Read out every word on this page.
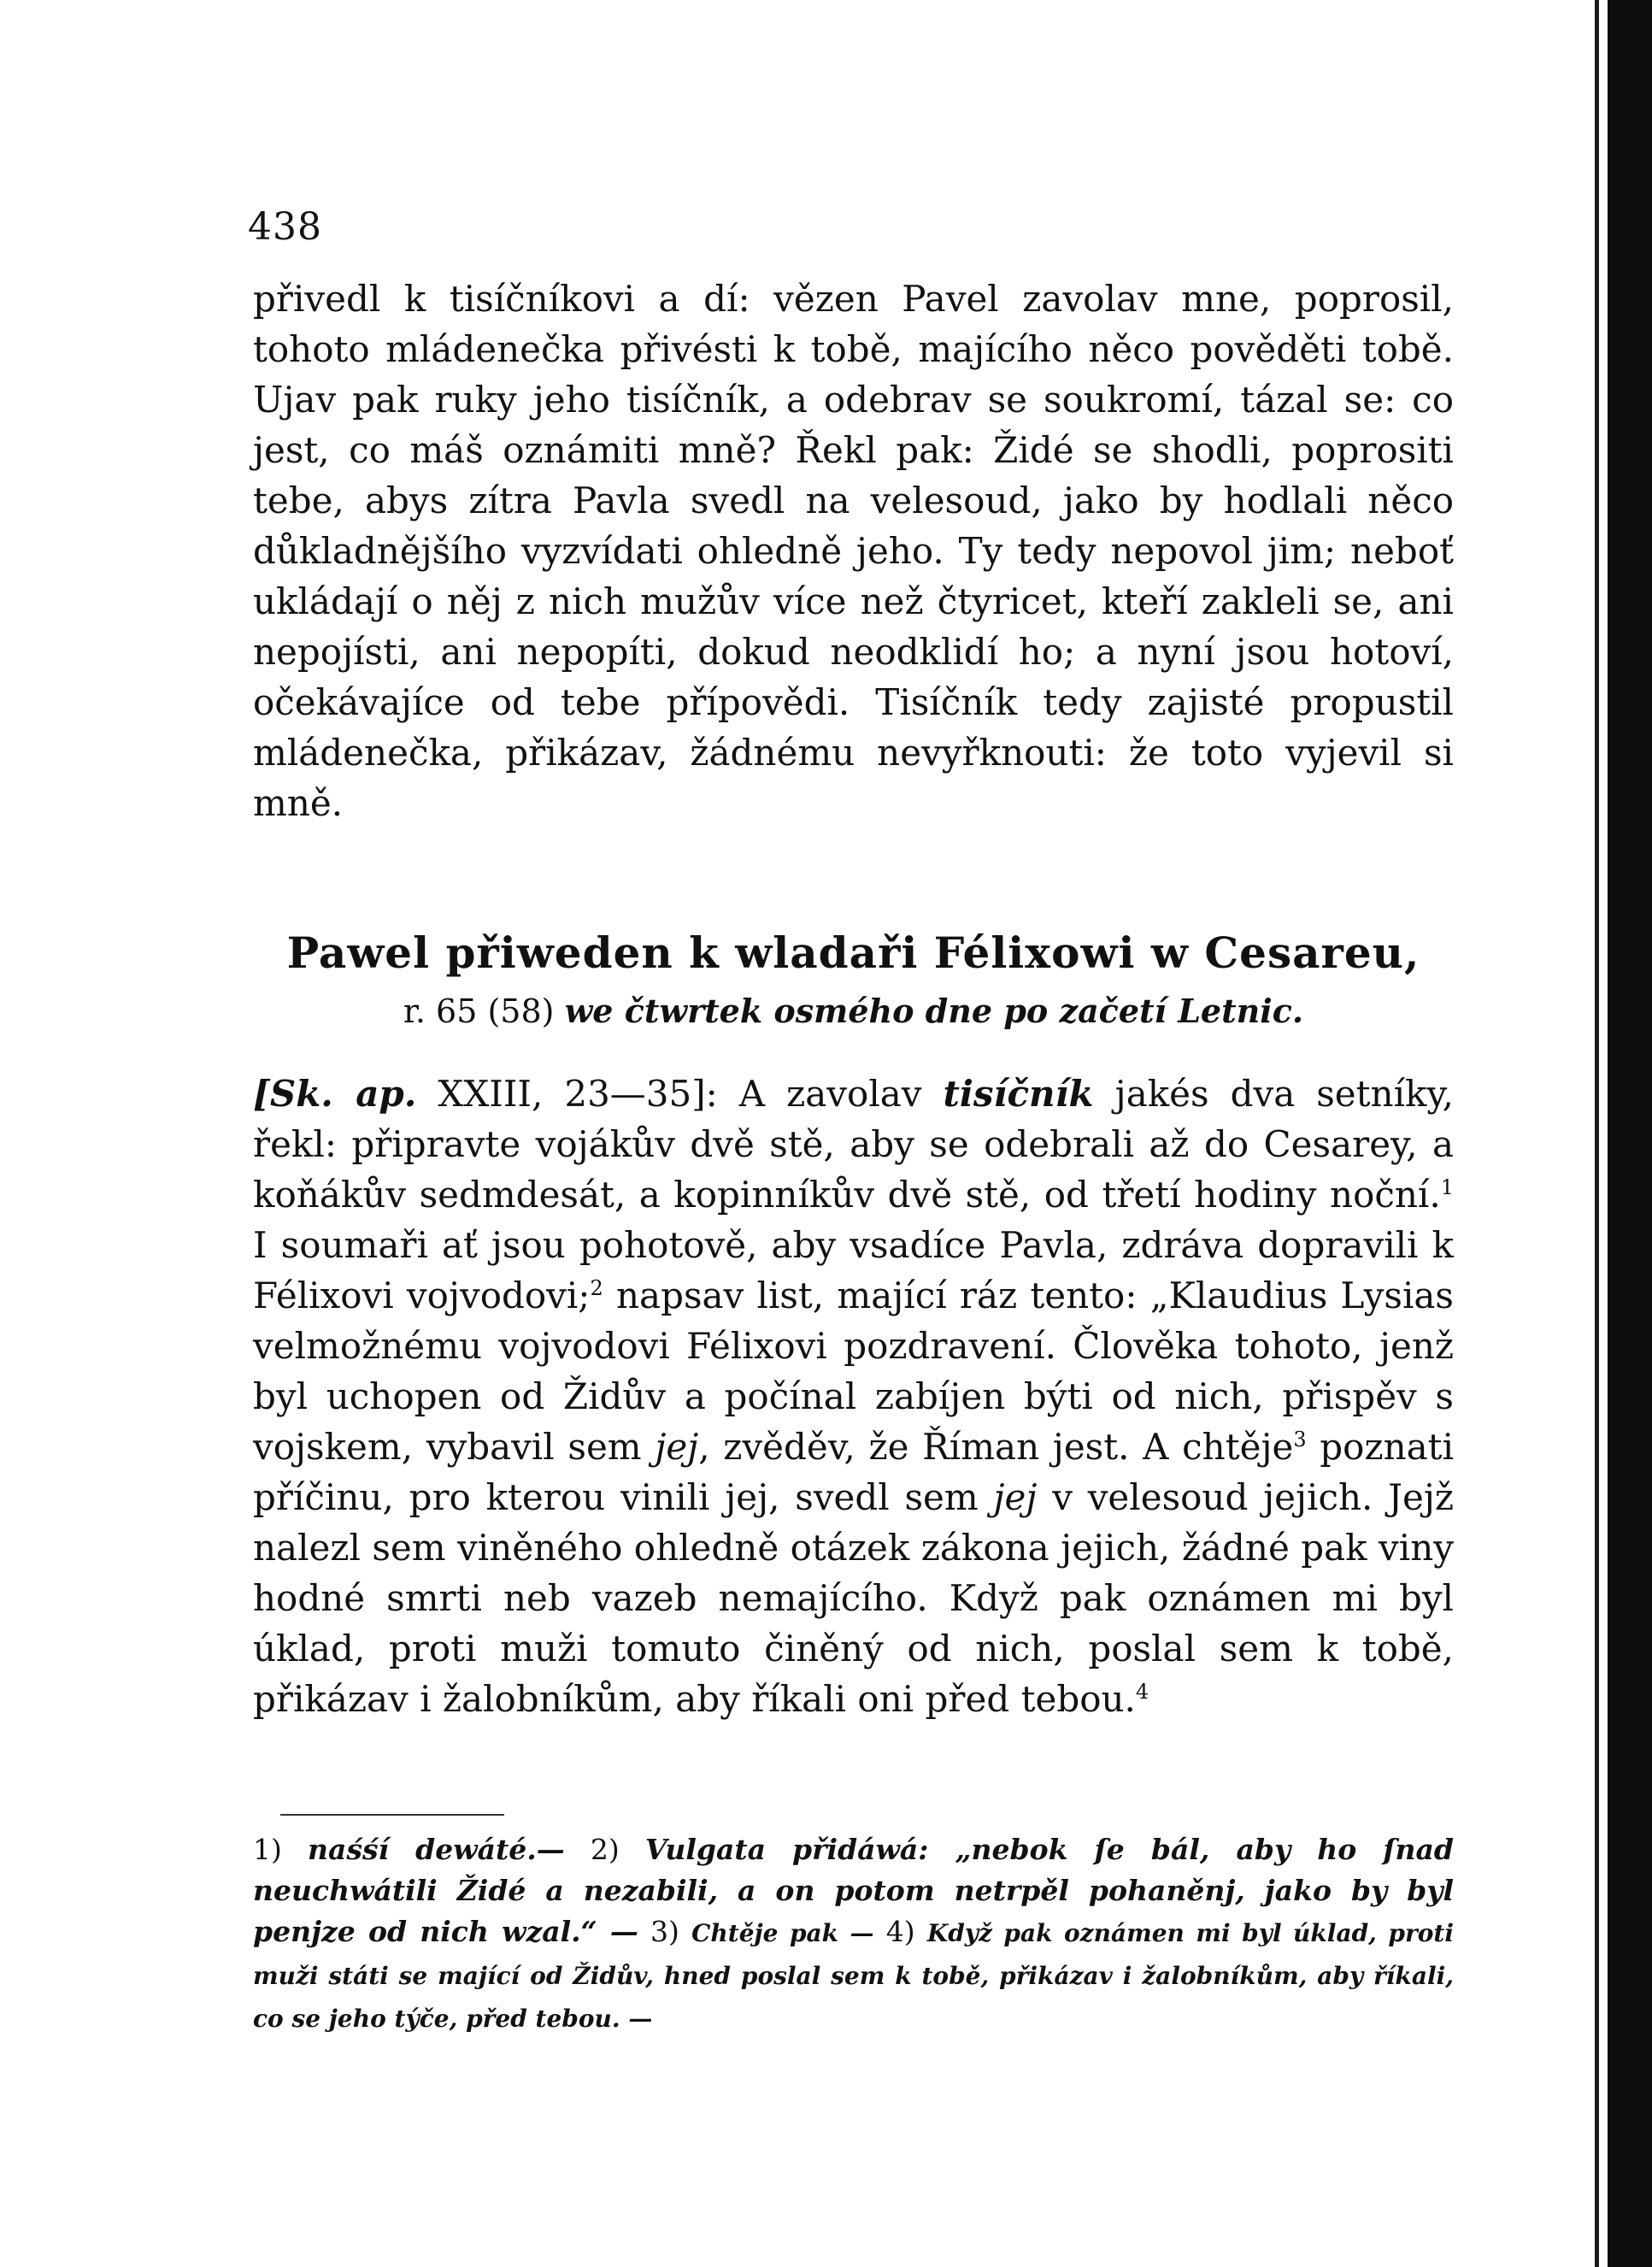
438

přivedl k tisíčníkovi a dí: vězen Pavel zavolav mne, poprosil, tohoto mládenečka přivésti k tobě, majícího něco pověděti tobě. Ujav pak ruky jeho tisíčník, a odebrav se soukromí, tázal se: co jest, co máš oznámiti mně? Řekl pak: Židé se shodli, poprositi tebe, abys zítra Pavla svedl na velesoud, jako by hodlali něco důkladnějšího vyzvídati ohledně jeho. Ty tedy nepovol jim; neboť ukládají o něj z nich mužův více než čtyricet, kteří zakleli se, ani nepojísti, ani nepopíti, dokud neodklidí ho; a nyní jsou hotoví, očekávajíce od tebe přípovědi. Tisíčník tedy zajisté propustil mládenečka, přikázav, žádnému nevyřknouti: že toto vyjevil si mně.

Pawel přiweden k wladaři Félixowi w Cesareu,
r. 65 (58) we čtwrtek osmého dne po začetí Letnic.
[Sk. ap. XXIII, 23—35]: A zavolav tisíčník jakés dva setníky, řekl: připravte vojákův dvě stě, aby se odebrali až do Cesarey, a koňákův sedmdesát, a kopinníkův dvě stě, od třetí hodiny noční.$^1$ I soumaři ať jsou pohotově, aby vsadíce Pavla, zdráva dopravili k Félixovi vojvodovi;$^2$ napsav list, mající ráz tento: „Klaudius Lysias velmožnému vojvodovi Félixovi pozdravení. Člověka tohoto, jenž byl uchopen od Židův a počínal zabíjen býti od nich, přispěv s vojskem, vybavil sem jej, zvěděv, že Říman jest. A chtěje$^3$ poznati příčinu, pro kterou vinili jej, svedl sem jej v velesoud jejich. Jejž nalezl sem viněného ohledně otázek zákona jejich, žádné pak viny hodné smrti neb vazeb nemajícího. Když pak oznámen mi byl úklad, proti muži tomuto činěný od nich, poslal sem k tobě, přikázav i žalobníkům, aby říkali oni před tebou.$^4$
1) naśśí dewáté.— 2) Vulgata přidáwá: „nebok ſe bál, aby ho ſnad neuchwátili Židé a nezabili, a on potom netrpěl pohaněnj, jako by byl penjze od nich wzal.“ — 3) Chtěje pak — 4) Když pak oznámen mi byl úklad, proti muži státi se mající od Židův, hned poslal sem k tobě, přikázav i žalobníkům, aby říkali, co se jeho týče, před tebou. —
